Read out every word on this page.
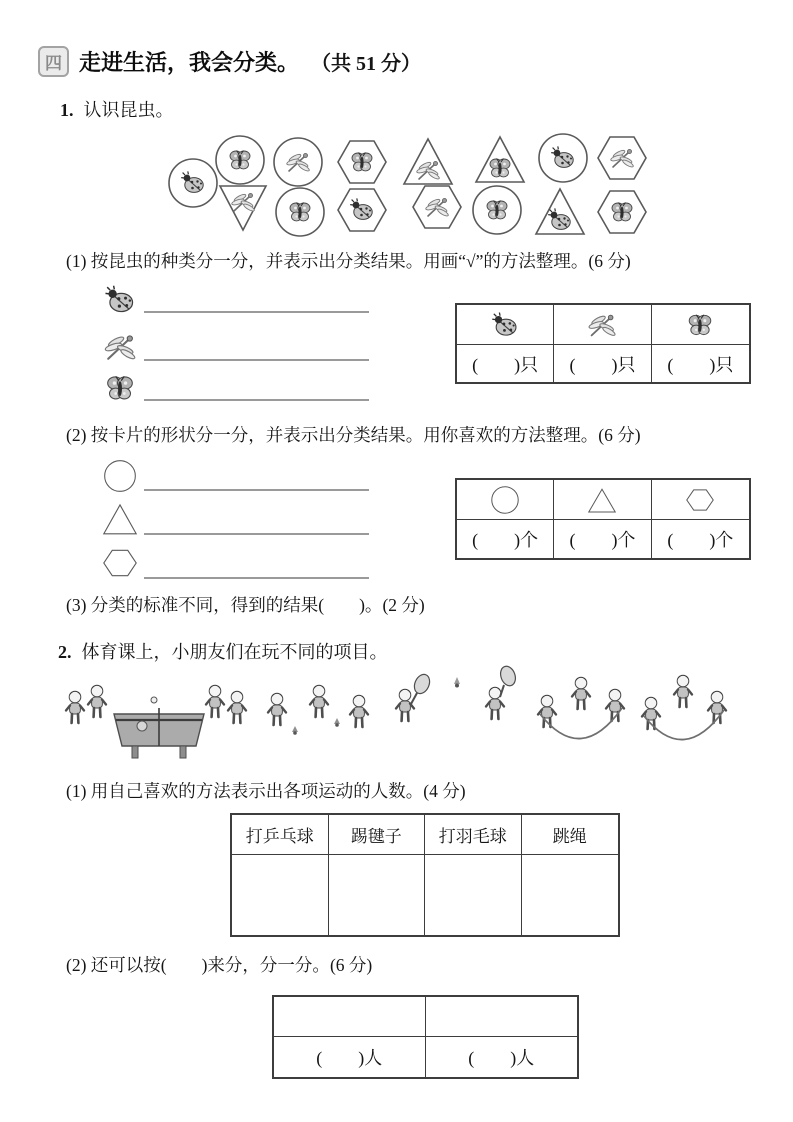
四 走进生活，我会分类。 （共 51 分）
1. 认识昆虫。
(1) 按昆虫的种类分一分，并表示出分类结果。用画“√”的方法整理。(6 分)
(　　)只	(　　)只	(　　)只
(2) 按卡片的形状分一分，并表示出分类结果。用你喜欢的方法整理。(6 分)
(　　)个	(　　)个	(　　)个
(3) 分类的标准不同，得到的结果(　　)。(2 分)
2. 体育课上，小朋友们在玩不同的项目。
(1) 用自己喜欢的方法表示出各项运动的人数。(4 分)
打乒乓球	踢毽子	打羽毛球	跳绳
(2) 还可以按(　　)来分，分一分。(6 分)
(　　)人	(　　)人
